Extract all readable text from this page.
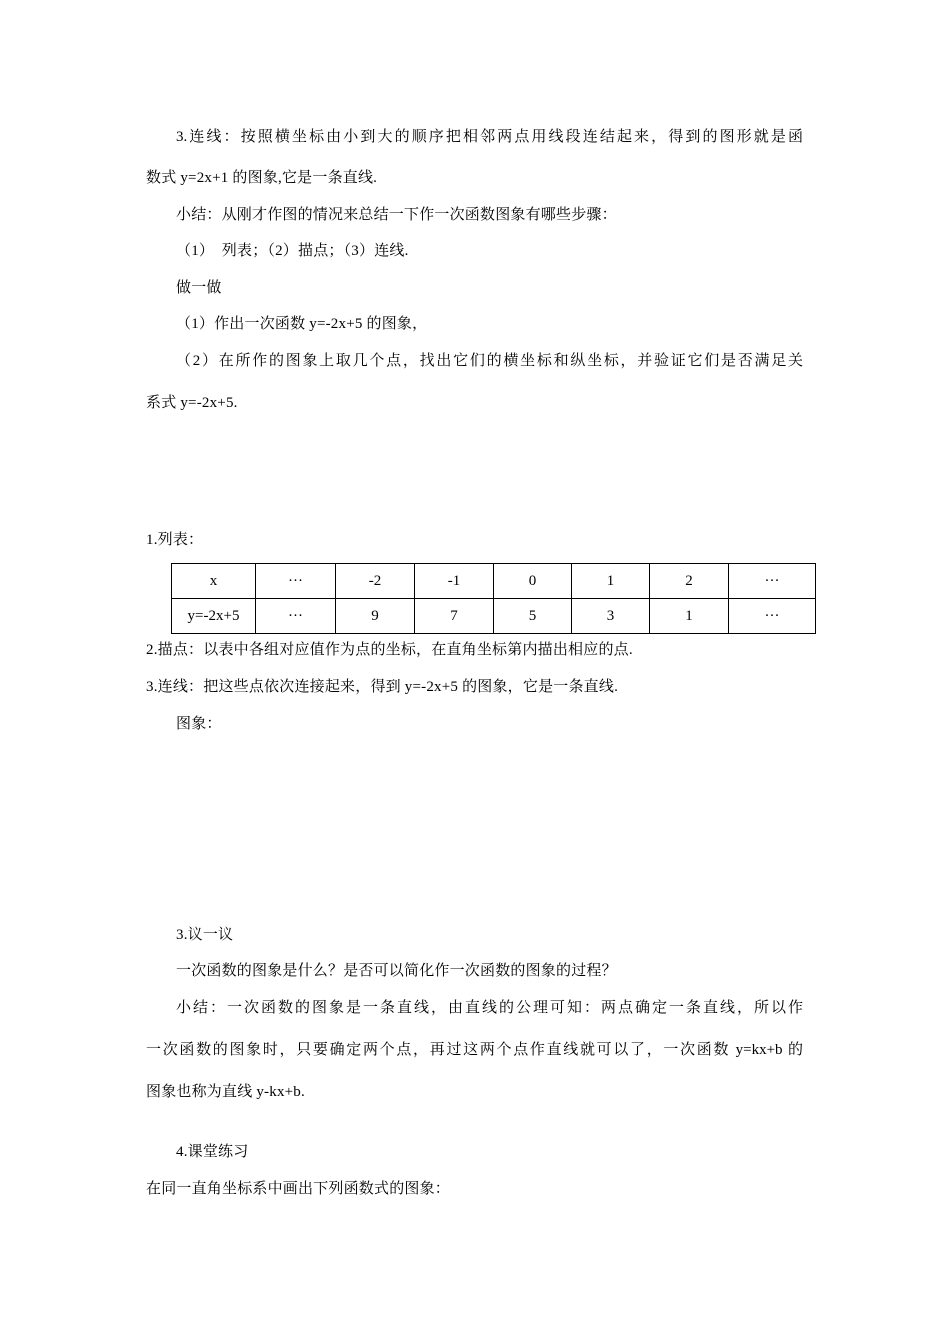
3.连线：按照横坐标由小到大的顺序把相邻两点用线段连结起来，得到的图形就是函
数式 y=2x+1 的图象,它是一条直线.
小结：从刚才作图的情况来总结一下作一次函数图象有哪些步骤：
（1）　列表；（2）描点；（3）连线.
做一做
（1）作出一次函数 y=-2x+5 的图象，
（2）在所作的图象上取几个点，找出它们的横坐标和纵坐标，并验证它们是否满足关
系式 y=-2x+5.
1.列表：
x	···	-2	-1	0	1	2	···
y=-2x+5	···	9	7	5	3	1	···
2.描点：以表中各组对应值作为点的坐标，在直角坐标第内描出相应的点.
3.连线：把这些点依次连接起来，得到 y=-2x+5 的图象，它是一条直线.
图象：
3.议一议
一次函数的图象是什么？是否可以简化作一次函数的图象的过程？
小结：一次函数的图象是一条直线，由直线的公理可知：两点确定一条直线，所以作
一次函数的图象时，只要确定两个点，再过这两个点作直线就可以了，一次函数 y=kx+b 的
图象也称为直线 y-kx+b.
4.课堂练习
在同一直角坐标系中画出下列函数式的图象：
